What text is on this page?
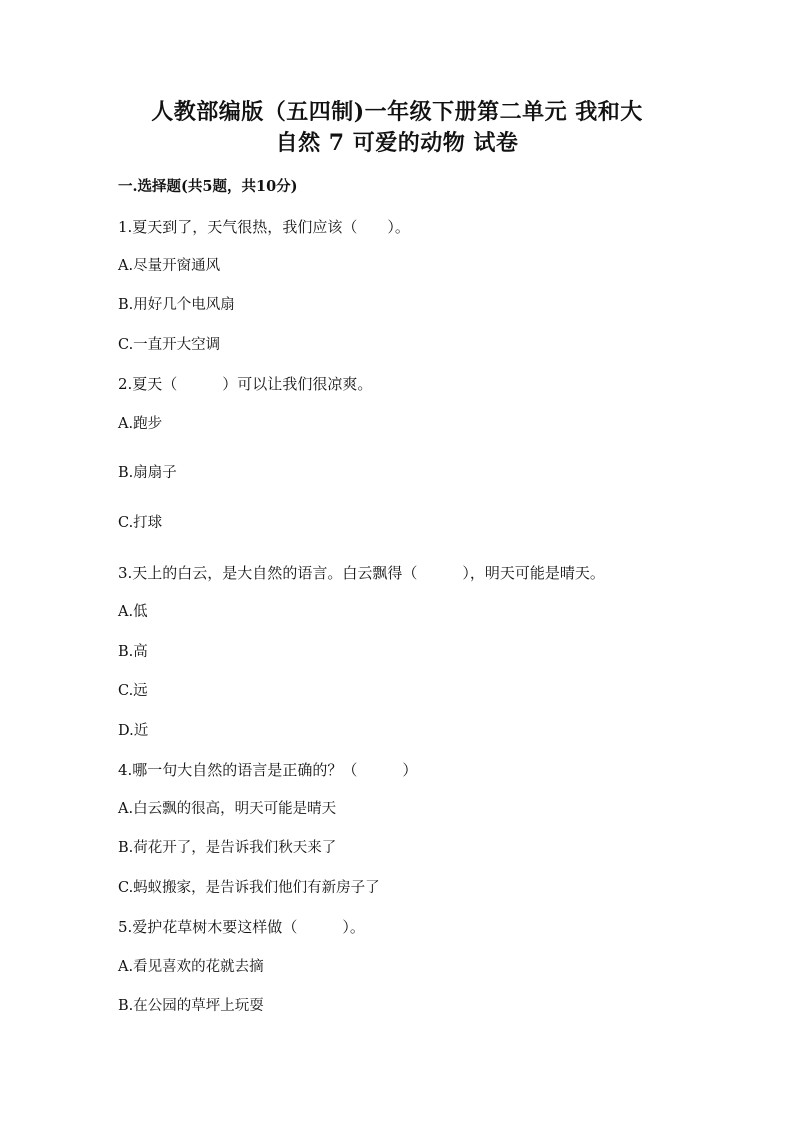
人教部编版（五四制)一年级下册第二单元 我和大
自然 7 可爱的动物 试卷
一.选择题(共5题，共10分)
1.夏天到了，天气很热，我们应该（　　）。
A.尽量开窗通风
B.用好几个电风扇
C.一直开大空调
2.夏天（　　　）可以让我们很凉爽。
A.跑步
B.扇扇子
C.打球
3.天上的白云，是大自然的语言。白云飘得（　　　），明天可能是晴天。
A.低
B.高
C.远
D.近
4.哪一句大自然的语言是正确的？（　　　）
A.白云飘的很高，明天可能是晴天
B.荷花开了，是告诉我们秋天来了
C.蚂蚁搬家，是告诉我们他们有新房子了
5.爱护花草树木要这样做（　　　）。
A.看见喜欢的花就去摘
B.在公园的草坪上玩耍
